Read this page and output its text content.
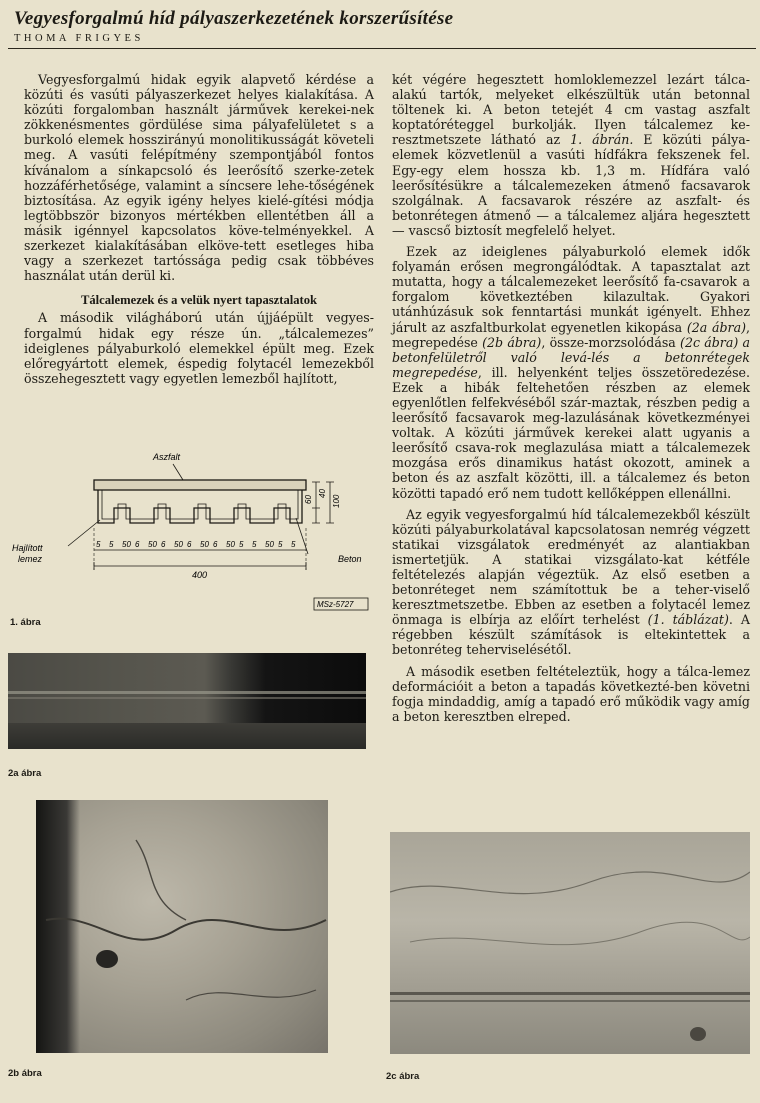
Vegyesforgalmú híd pályaszerkezetének korszerűsítése
THOMA FRIGYES

Vegyesforgalmú hidak egyik alapvető kérdése a közúti és vasúti pályaszerkezet helyes kialakítása. A közúti forgalomban használt járművek kerekei-nek zökkenésmentes gördülése sima pályafelületet s a burkoló elemek hosszirányú monolitikusságát követeli meg. A vasúti felépítmény szempontjából fontos kívánalom a sínkapcsoló és leerősítő szerke-zetek hozzáférhetősége, valamint a síncsere lehe-tőségének biztosítása. Az egyik igény helyes kielé-gítési módja legtöbbször bizonyos mértékben ellentétben áll a másik igénnyel kapcsolatos köve-telményekkel. A szerkezet kialakításában elköve-tett esetleges hiba vagy a szerkezet tartóssága pedig csak többéves használat után derül ki.

Tálcalemezek és a velük nyert tapasztalatok

A második világháború után újjáépült vegyes-forgalmú hidak egy része ún. „tálcalemezes” ideiglenes pályaburkoló elemekkel épült meg. Ezek előregyártott elemek, éspedig folytacél lemezekből összehegesztett vagy egyetlen lemezből hajlított,

Aszfalt
Hajlított
lemez	Beton
60
40
100
5 5 50 6 50 6 50 6 50 6 50 5 5 50 5 5
400
MSz-5727
1. ábra
2a ábra
2b ábra

két végére hegesztett homloklemezzel lezárt tálca-alakú tartók, melyeket elkészültük után betonnal töltenek ki. A beton tetejét 4 cm vastag aszfalt koptatóréteggel burkolják. Ilyen tálcalemez ke-resztmetszete látható az 1. ábrán. E közúti pálya-elemek közvetlenül a vasúti hídfákra fekszenek fel. Egy-egy elem hossza kb. 1,3 m. Hídfára való leerősítésükre a tálcalemezeken átmenő facsavarok szolgálnak. A facsavarok részére az aszfalt- és betonrétegen átmenő — a tálcalemez aljára hegesztett — vascső biztosít megfelelő helyet.

Ezek az ideiglenes pályaburkoló elemek idők folyamán erősen megrongálódtak. A tapasztalat azt mutatta, hogy a tálcalemezeket leerősítő fa-csavarok a forgalom következtében kilazultak. Gyakori utánhúzásuk sok fenntartási munkát igényelt. Ehhez járult az aszfaltburkolat egyenetlen kikopása (2a ábra), megrepedése (2b ábra), össze-morzsolódása (2c ábra) a betonfelületről való levá-lés a betonrétegek megrepedése, ill. helyenként teljes összetöredezése. Ezek a hibák feltehetően részben az elemek egyenlőtlen felfekvéséből szár-maztak, részben pedig a leerősítő facsavarok meg-lazulásának következményei voltak. A közúti járművek kerekei alatt ugyanis a leerősítő csava-rok meglazulása miatt a tálcalemezek mozgása erős dinamikus hatást okozott, aminek a beton és az aszfalt közötti, ill. a tálcalemez és beton közötti tapadó erő nem tudott kellőképpen ellenállni.

Az egyik vegyesforgalmú híd tálcalemezekből készült közúti pályaburkolatával kapcsolatosan nemrég végzett statikai vizsgálatok eredményét az alantiakban ismertetjük. A statikai vizsgálato-kat kétféle feltételezés alapján végeztük. Az első esetben a betonréteget nem számítottuk be a teher-viselő keresztmetszetbe. Ebben az esetben a folytacél lemez önmaga is elbírja az előírt terhelést (1. táblázat). A régebben készült számítások is eltekintettek a betonréteg teherviselésétől.

A második esetben feltételeztük, hogy a tálca-lemez deformációit a beton a tapadás következté-ben követni fogja mindaddig, amíg a tapadó erő működik vagy amíg a beton keresztben elreped.

2c ábra
